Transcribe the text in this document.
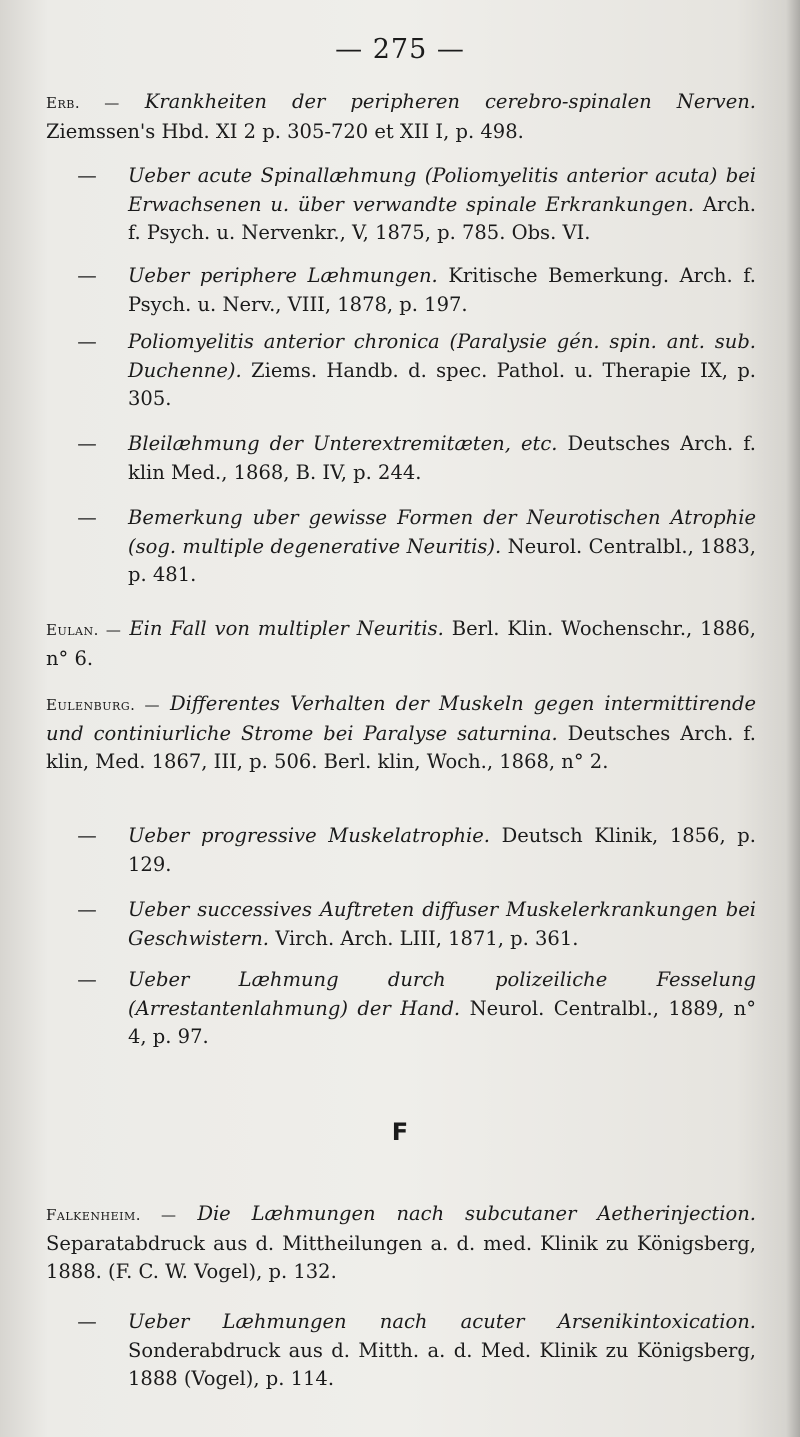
— 275 —
Erb. — Krankheiten der peripheren cerebro-spinalen Nerven. Ziemssen's Hbd. XI 2 p. 305-720 et XII I, p. 498.
— Ueber acute Spinallæhmung (Poliomyelitis anterior acuta) bei Erwachsenen u. über verwandte spinale Erkrankungen. Arch. f. Psych. u. Nervenkr., V, 1875, p. 785. Obs. VI.
— Ueber periphere Læhmungen. Kritische Bemerkung. Arch. f. Psych. u. Nerv., VIII, 1878, p. 197.
— Poliomyelitis anterior chronica (Paralysie gén. spin. ant. sub. Duchenne). Ziems. Handb. d. spec. Pathol. u. Therapie IX, p. 305.
— Bleilæhmung der Unterextremitæten, etc. Deutsches Arch. f. klin Med., 1868, B. IV, p. 244.
— Bemerkung uber gewisse Formen der Neurotischen Atrophie (sog. multiple degenerative Neuritis). Neurol. Centralbl., 1883, p. 481.
Eulan. — Ein Fall von multipler Neuritis. Berl. Klin. Wochenschr., 1886, n° 6.
Eulenburg. — Differentes Verhalten der Muskeln gegen intermittirende und continiurliche Strome bei Paralyse saturnina. Deutsches Arch. f. klin, Med. 1867, III, p. 506. Berl. klin, Woch., 1868, n° 2.
— Ueber progressive Muskelatrophie. Deutsch Klinik, 1856, p. 129.
— Ueber successives Auftreten diffuser Muskelerkrankungen bei Geschwistern. Virch. Arch. LIII, 1871, p. 361.
— Ueber Læhmung durch polizeiliche Fesselung (Arrestantenlahmung) der Hand. Neurol. Centralbl., 1889, n° 4, p. 97.
F
Falkenheim. — Die Læhmungen nach subcutaner Aetherinjection. Separatabdruck aus d. Mittheilungen a. d. med. Klinik zu Königsberg, 1888. (F. C. W. Vogel), p. 132.
— Ueber Læhmungen nach acuter Arsenikintoxication. Sonderabdruck aus d. Mitth. a. d. Med. Klinik zu Königsberg, 1888 (Vogel), p. 114.
